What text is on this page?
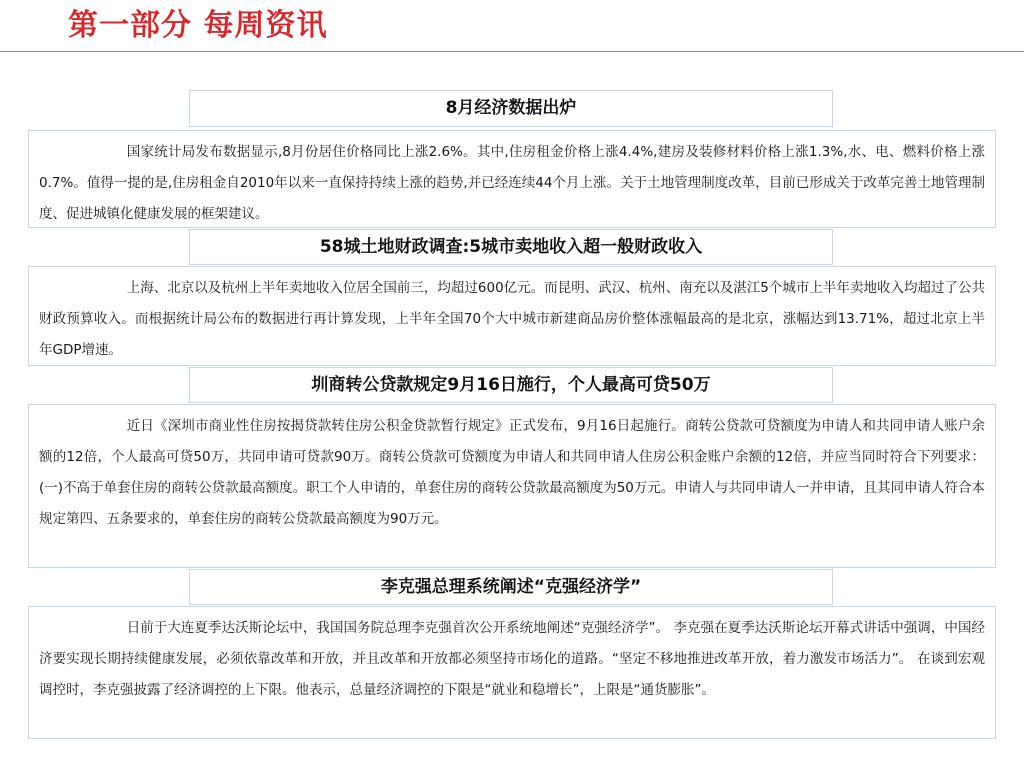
第一部分 每周资讯
8月经济数据出炉

国家统计局发布数据显示,8月份居住价格同比上涨2.6%。其中,住房租金价格上涨4.4%,建房及装修材料价格上涨1.3%,水、电、燃料价格上涨0.7%。值得一提的是,住房租金自2010年以来一直保持持续上涨的趋势,并已经连续44个月上涨。关于土地管理制度改革，目前已形成关于改革完善土地管理制度、促进城镇化健康发展的框架建议。

58城土地财政调查:5城市卖地收入超一般财政收入

上海、北京以及杭州上半年卖地收入位居全国前三，均超过600亿元。而昆明、武汉、杭州、南充以及湛江5个城市上半年卖地收入均超过了公共财政预算收入。而根据统计局公布的数据进行再计算发现，上半年全国70个大中城市新建商品房价整体涨幅最高的是北京，涨幅达到13.71%，超过北京上半年GDP增速。

圳商转公贷款规定9月16日施行，个人最高可贷50万

近日《深圳市商业性住房按揭贷款转住房公积金贷款暂行规定》正式发布，9月16日起施行。商转公贷款可贷额度为申请人和共同申请人账户余额的12倍，个人最高可贷50万，共同申请可贷款90万。商转公贷款可贷额度为申请人和共同申请人住房公积金账户余额的12倍，并应当同时符合下列要求：(一)不高于单套住房的商转公贷款最高额度。职工个人申请的，单套住房的商转公贷款最高额度为50万元。申请人与共同申请人一并申请，且其同申请人符合本规定第四、五条要求的，单套住房的商转公贷款最高额度为90万元。

李克强总理系统阐述“克强经济学”

日前于大连夏季达沃斯论坛中，我国国务院总理李克强首次公开系统地阐述“克强经济学”。 李克强在夏季达沃斯论坛开幕式讲话中强调，中国经济要实现长期持续健康发展，必须依靠改革和开放，并且改革和开放都必须坚持市场化的道路。“坚定不移地推进改革开放，着力激发市场活力”。 在谈到宏观调控时，李克强披露了经济调控的上下限。他表示，总量经济调控的下限是“就业和稳增长”，上限是“通货膨胀”。
